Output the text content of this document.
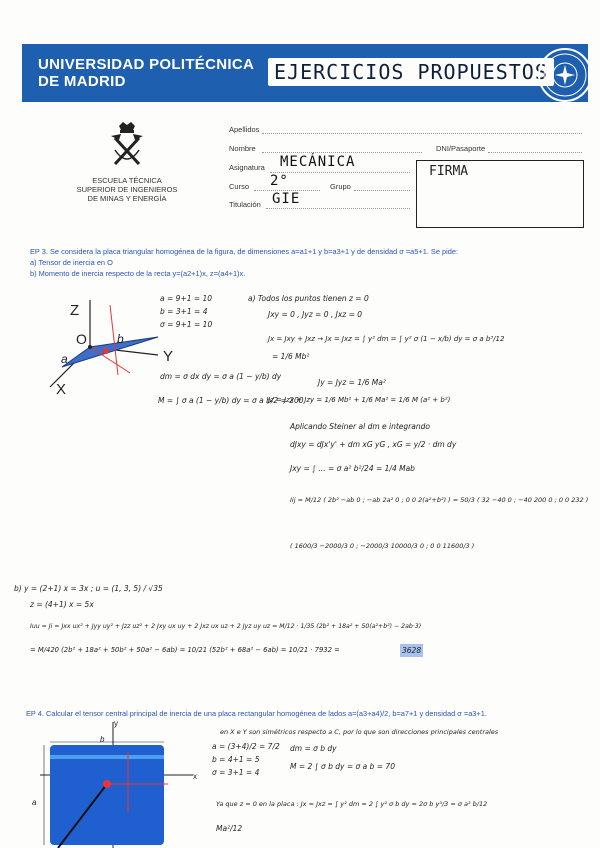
UNIVERSIDAD POLITÉCNICA
DE MADRID	EJERCICIOS PROPUESTOS
ESCUELA TÉCNICA
SUPERIOR DE INGENIEROS
DE MINAS Y ENERGÍA
Apellidos
Nombre	DNI/Pasaporte
Asignatura MECÁNICA
Curso 2°	Grupo
Titulación GIE
FIRMA
EP 3. Se considera la placa triangular homogénea de la figura, de dimensiones a=a1+1 y b=a3+1 y de densidad σ =a5+1. Se pide:
a) Tensor de inercia en O
b) Momento de inercia respecto de la recta y=(a2+1)x, z=(a4+1)x.
Z
O	b
a	Y
X
a = 9+1 = 10
b = 3+1 = 4
σ = 9+1 = 10
a) Todos los puntos tienen z = 0
Jxy = 0 , Jyz = 0 , Jxz = 0
Jx = Jxy + Jxz → Jx = Jxz = ∫ y² dm = ∫ y² σ (1 − x/b) dy = σ a b³/12
= 1/6 Mb²
Jy = Jyz = 1/6 Ma²
dm = σ dx dy = σ a (1 − y/b) dy
M = ∫ σ a (1 − y/b) dy = σ a b/2 = 200
Jz = Jzx + Jzy = 1/6 Mb² + 1/6 Ma² = 1/6 M (a² + b²)
Aplicando Steiner al dm e integrando
dJxy = dJx'y' + dm xG yG , xG = y/2 · dm dy
Jxy = ∫ ... = σ a² b²/24 = 1/4 Mab
Iij = M/12 ( 2b² −ab 0 ; −ab 2a² 0 ; 0 0 2(a²+b²) ) = 50/3 ( 32 −40 0 ; −40 200 0 ; 0 0 232 )
( 1600/3 −2000/3 0 ; −2000/3 10000/3 0 ; 0 0 11600/3 )
b) y = (2+1) x = 3x ; u = (1, 3, 5) / √35
z = (4+1) x = 5x
Iuu = Ji = Jxx ux² + Jyy uy² + Jzz uz² + 2 Jxy ux uy + 2 Jxz ux uz + 2 Jyz uy uz = M/12 · 1/35 (2b² + 18a² + 50(a²+b²) − 2ab·3)
= M/420 (2b² + 18a² + 50b² + 50a² − 6ab) = 10/21 (52b² + 68a² − 6ab) = 10/21 · 7932 =	3628
EP 4. Calcular el tensor central principal de inercia de una placa rectangular homogénea de lados a=(a3+a4)/2, b=a7+1 y densidad σ =a3+1.
y
x
a
b
a = (3+4)/2 = 7/2
b = 4+1 = 5
σ = 3+1 = 4
en X e Y son simétricos respecto a C, por lo que son direcciones principales centrales
dm = σ b dy
M = 2 ∫ σ b dy = σ a b = 70
Ya que z = 0 en la placa : Jx = Jxz = ∫ y² dm = 2 ∫ y² σ b dy = 2σ b y³/3 = σ a³ b/12
Ma²/12
